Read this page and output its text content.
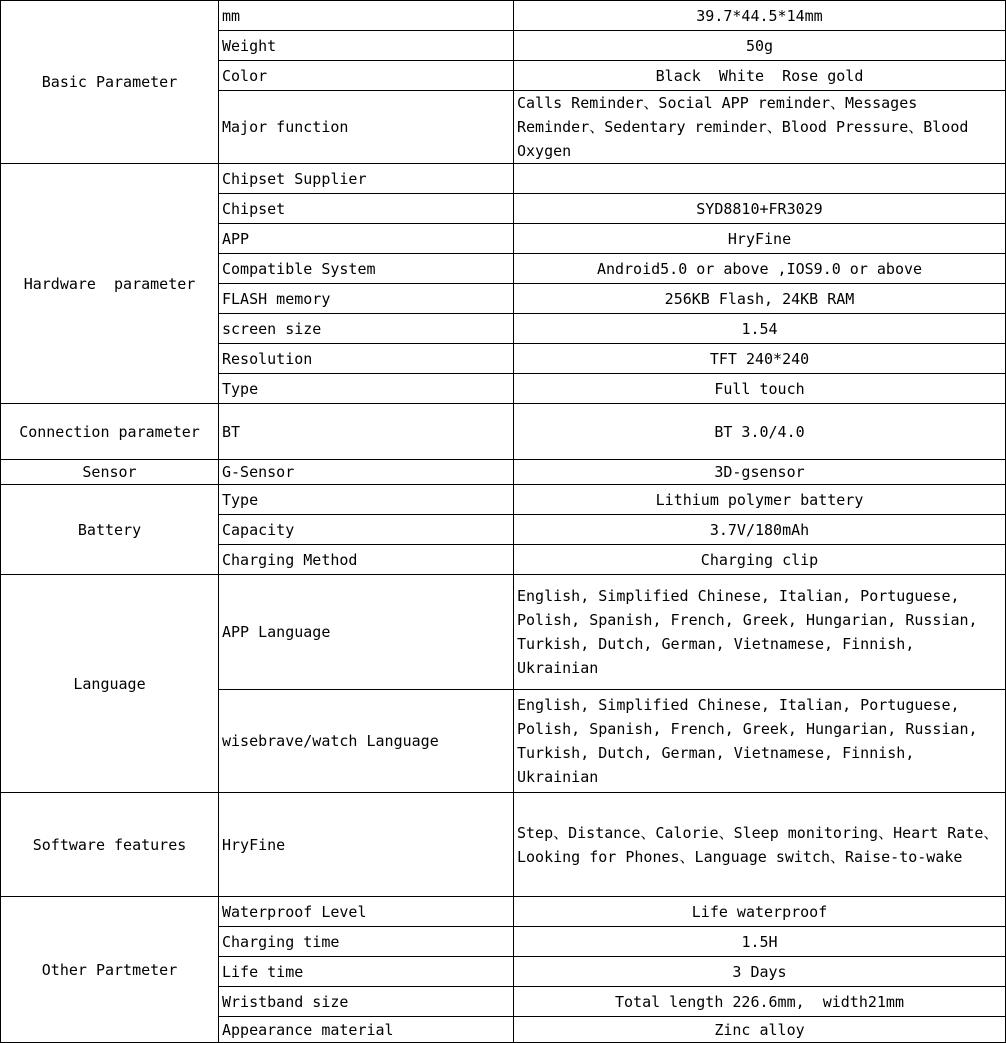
Basic Parameter	mm	39.7*44.5*14mm
	Weight	50g
	Color	Black  White  Rose gold
	Major function	Calls Reminder、Social APP reminder、Messages Reminder、Sedentary reminder、Blood Pressure、Blood Oxygen
Hardware  parameter	Chipset Supplier	
	Chipset	SYD8810+FR3029
	APP	HryFine
	Compatible System	Android5.0 or above ,IOS9.0 or above
	FLASH memory	256KB Flash, 24KB RAM
	screen size	1.54
	Resolution	TFT 240*240
	Type	Full touch
Connection parameter	BT	BT 3.0/4.0
Sensor	G-Sensor	3D-gsensor
Battery	Type	Lithium polymer battery
	Capacity	3.7V/180mAh
	Charging Method	Charging clip
Language	APP Language	English, Simplified Chinese, Italian, Portuguese, Polish, Spanish, French, Greek, Hungarian, Russian, Turkish, Dutch, German, Vietnamese, Finnish, Ukrainian
	wisebrave/watch Language	English, Simplified Chinese, Italian, Portuguese, Polish, Spanish, French, Greek, Hungarian, Russian, Turkish, Dutch, German, Vietnamese, Finnish, Ukrainian
Software features	HryFine	Step、Distance、Calorie、Sleep monitoring、Heart Rate、Looking for Phones、Language switch、Raise-to-wake
Other Partmeter	Waterproof Level	Life waterproof
	Charging time	1.5H
	Life time	3 Days
	Wristband size	Total length 226.6mm,  width21mm
	Appearance material	Zinc alloy
